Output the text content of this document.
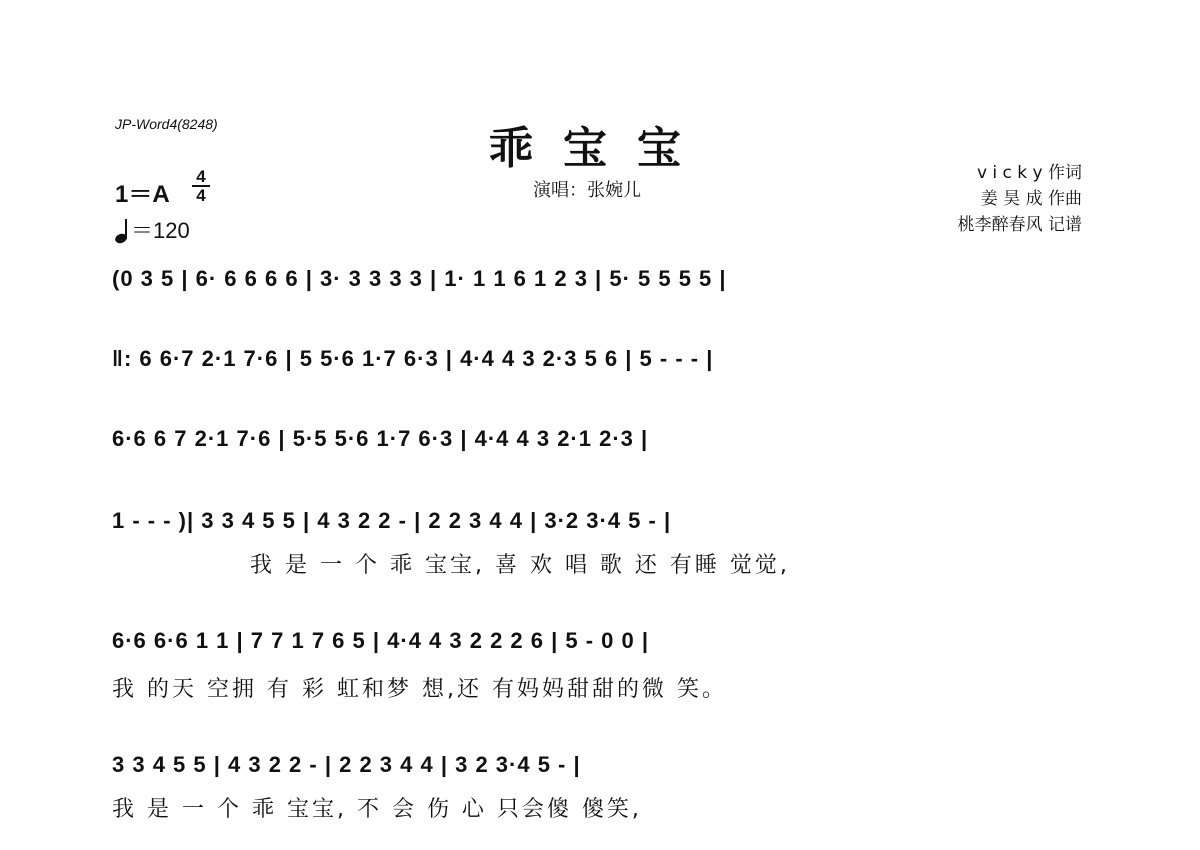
JP-Word4(8248)	乖宝宝
演唱：张婉儿
1＝A
4
4
＝120
v i c k y 作词
姜 昊 成 作曲
桃李醉春风 记谱
(0 3 5 | 6· 6 6 6 6 | 3· 3 3 3 3 | 1· 1 1 6 1 2 3 | 5· 5 5 5 5 |
‖: 6 6·7 2·1 7·6 | 5 5·6 1·7 6·3 | 4·4 4 3 2·3 5 6 | 5 - - - |
6·6 6 7 2·1 7·6 | 5·5 5·6 1·7 6·3 | 4·4 4 3 2·1 2·3 |
1 - - - )| 3 3 4 5 5 | 4 3 2 2 - | 2 2 3 4 4 | 3·2 3·4 5 - |
我 是 一 个 乖 宝宝, 喜 欢 唱 歌 还 有睡 觉觉,
6·6 6·6 1 1 | 7 7 1 7 6 5 | 4·4 4 3 2 2 2 6 | 5 - 0 0 |
我 的天 空拥 有 彩 虹和梦 想,还 有妈妈甜甜的微 笑。
3 3 4 5 5 | 4 3 2 2 - | 2 2 3 4 4 | 3 2 3·4 5 - |
我 是 一 个 乖 宝宝, 不 会 伤 心 只会傻 傻笑,
